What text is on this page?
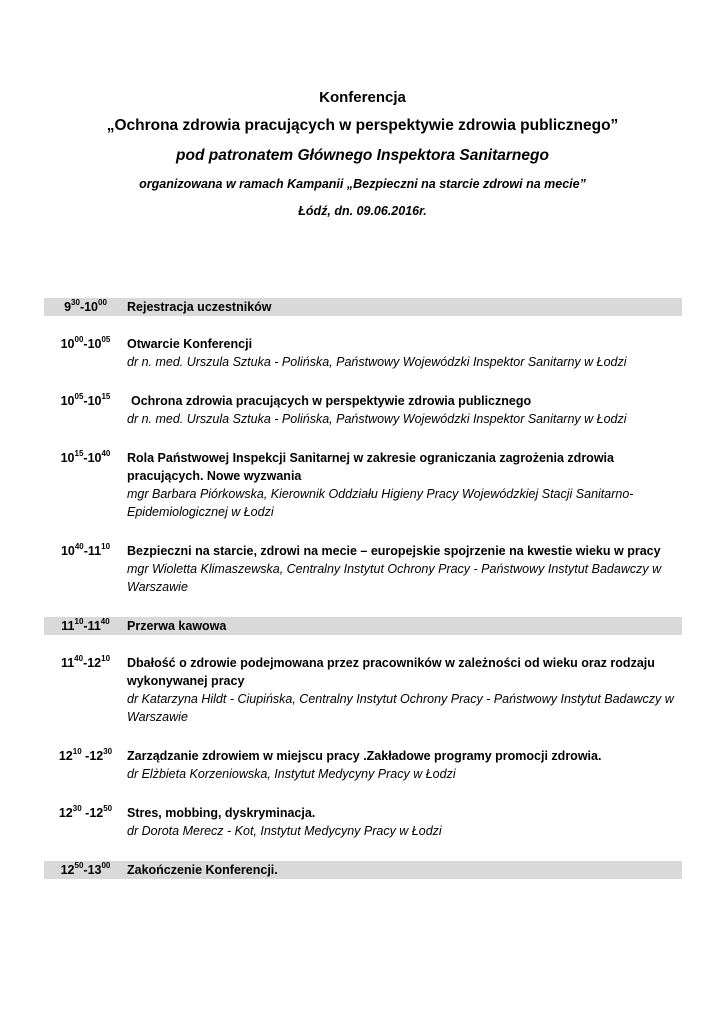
Konferencja

„Ochrona zdrowia pracujących w perspektywie zdrowia publicznego”

pod patronatem Głównego Inspektora Sanitarnego

organizowana w ramach Kampanii „Bezpieczni na starcie zdrowi na mecie”

Łódź, dn. 09.06.2016r.

$9^{30}-10^{00}$	Rejestracja uczestników
$10^{00}-10^{05}$	Otwarcie Konferencji
dr n. med. Urszula Sztuka - Polińska, Państwowy Wojewódzki Inspektor Sanitarny w Łodzi
$10^{05}-10^{15}$	Ochrona zdrowia pracujących w perspektywie zdrowia publicznego
dr n. med. Urszula Sztuka - Polińska, Państwowy Wojewódzki Inspektor Sanitarny w Łodzi
$10^{15}-10^{40}$	Rola Państwowej Inspekcji Sanitarnej w zakresie ograniczania zagrożenia zdrowia pracujących. Nowe wyzwania
mgr Barbara Piórkowska, Kierownik Oddziału Higieny Pracy Wojewódzkiej Stacji Sanitarno-Epidemiologicznej w Łodzi
$10^{40}-11^{10}$	Bezpieczni na starcie, zdrowi na mecie – europejskie spojrzenie na kwestie wieku w pracy
mgr Wioletta Klimaszewska, Centralny Instytut Ochrony Pracy - Państwowy Instytut Badawczy w Warszawie
$11^{10}-11^{40}$	Przerwa kawowa
$11^{40}-12^{10}$	Dbałość o zdrowie podejmowana przez pracowników w zależności od wieku oraz rodzaju wykonywanej pracy
dr Katarzyna Hildt - Ciupińska, Centralny Instytut Ochrony Pracy - Państwowy Instytut Badawczy w Warszawie
$12^{10}$ $-12^{30}$	Zarządzanie zdrowiem w miejscu pracy .Zakładowe programy promocji zdrowia.
dr Elżbieta Korzeniowska, Instytut Medycyny Pracy w Łodzi
$12^{30}$ $-12^{50}$	Stres, mobbing, dyskryminacja.
dr Dorota Merecz - Kot, Instytut Medycyny Pracy w Łodzi
$12^{50}-13^{00}$	Zakończenie Konferencji.
